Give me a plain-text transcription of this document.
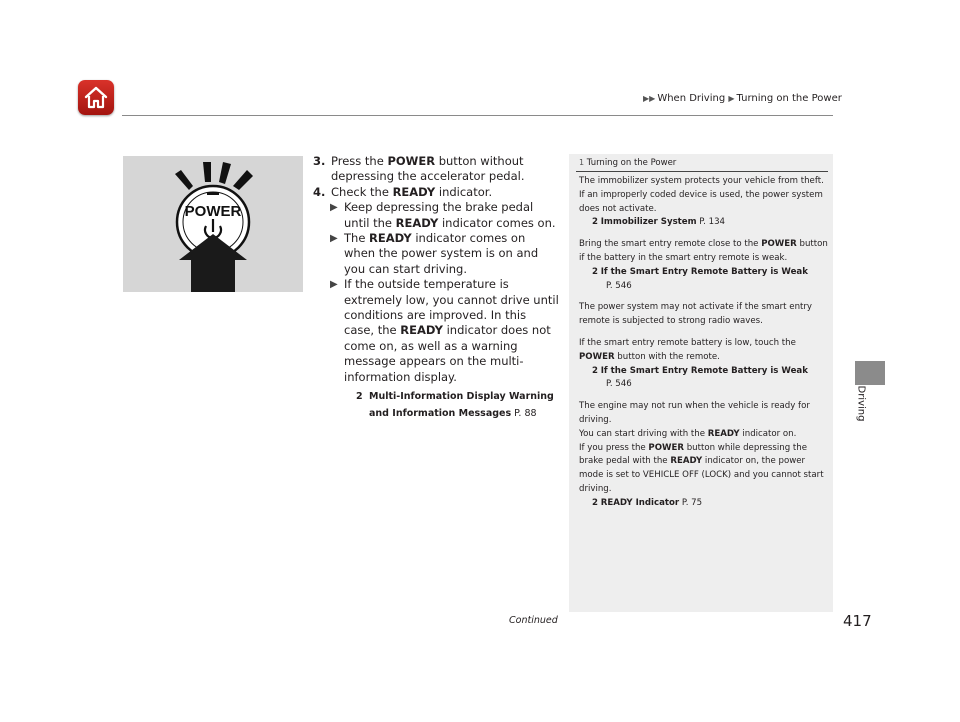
▶▶ When Driving ▶ Turning on the Power
Driving
POWER

3. Press the POWER button without depressing the accelerator pedal.

4. Check the READY indicator.

▶ Keep depressing the brake pedal until the READY indicator comes on.

▶ The READY indicator comes on when the power system is on and you can start driving.

▶ If the outside temperature is extremely low, you cannot drive until conditions are improved. In this case, the READY indicator does not come on, as well as a warning message appears on the multi-information display.

2 Multi-Information Display Warning and Information Messages P. 88
1 Turning on the Power

The immobilizer system protects your vehicle from theft.

If an improperly coded device is used, the power system does not activate.

2 Immobilizer System P. 134

Bring the smart entry remote close to the POWER button if the battery in the smart entry remote is weak.

2 If the Smart Entry Remote Battery is Weak

P. 546

The power system may not activate if the smart entry remote is subjected to strong radio waves.

If the smart entry remote battery is low, touch the POWER button with the remote.

2 If the Smart Entry Remote Battery is Weak

P. 546

The engine may not run when the vehicle is ready for driving.

You can start driving with the READY indicator on.

If you press the POWER button while depressing the brake pedal with the READY indicator on, the power mode is set to VEHICLE OFF (LOCK) and you cannot start driving.

2 READY Indicator P. 75

Continued	417
